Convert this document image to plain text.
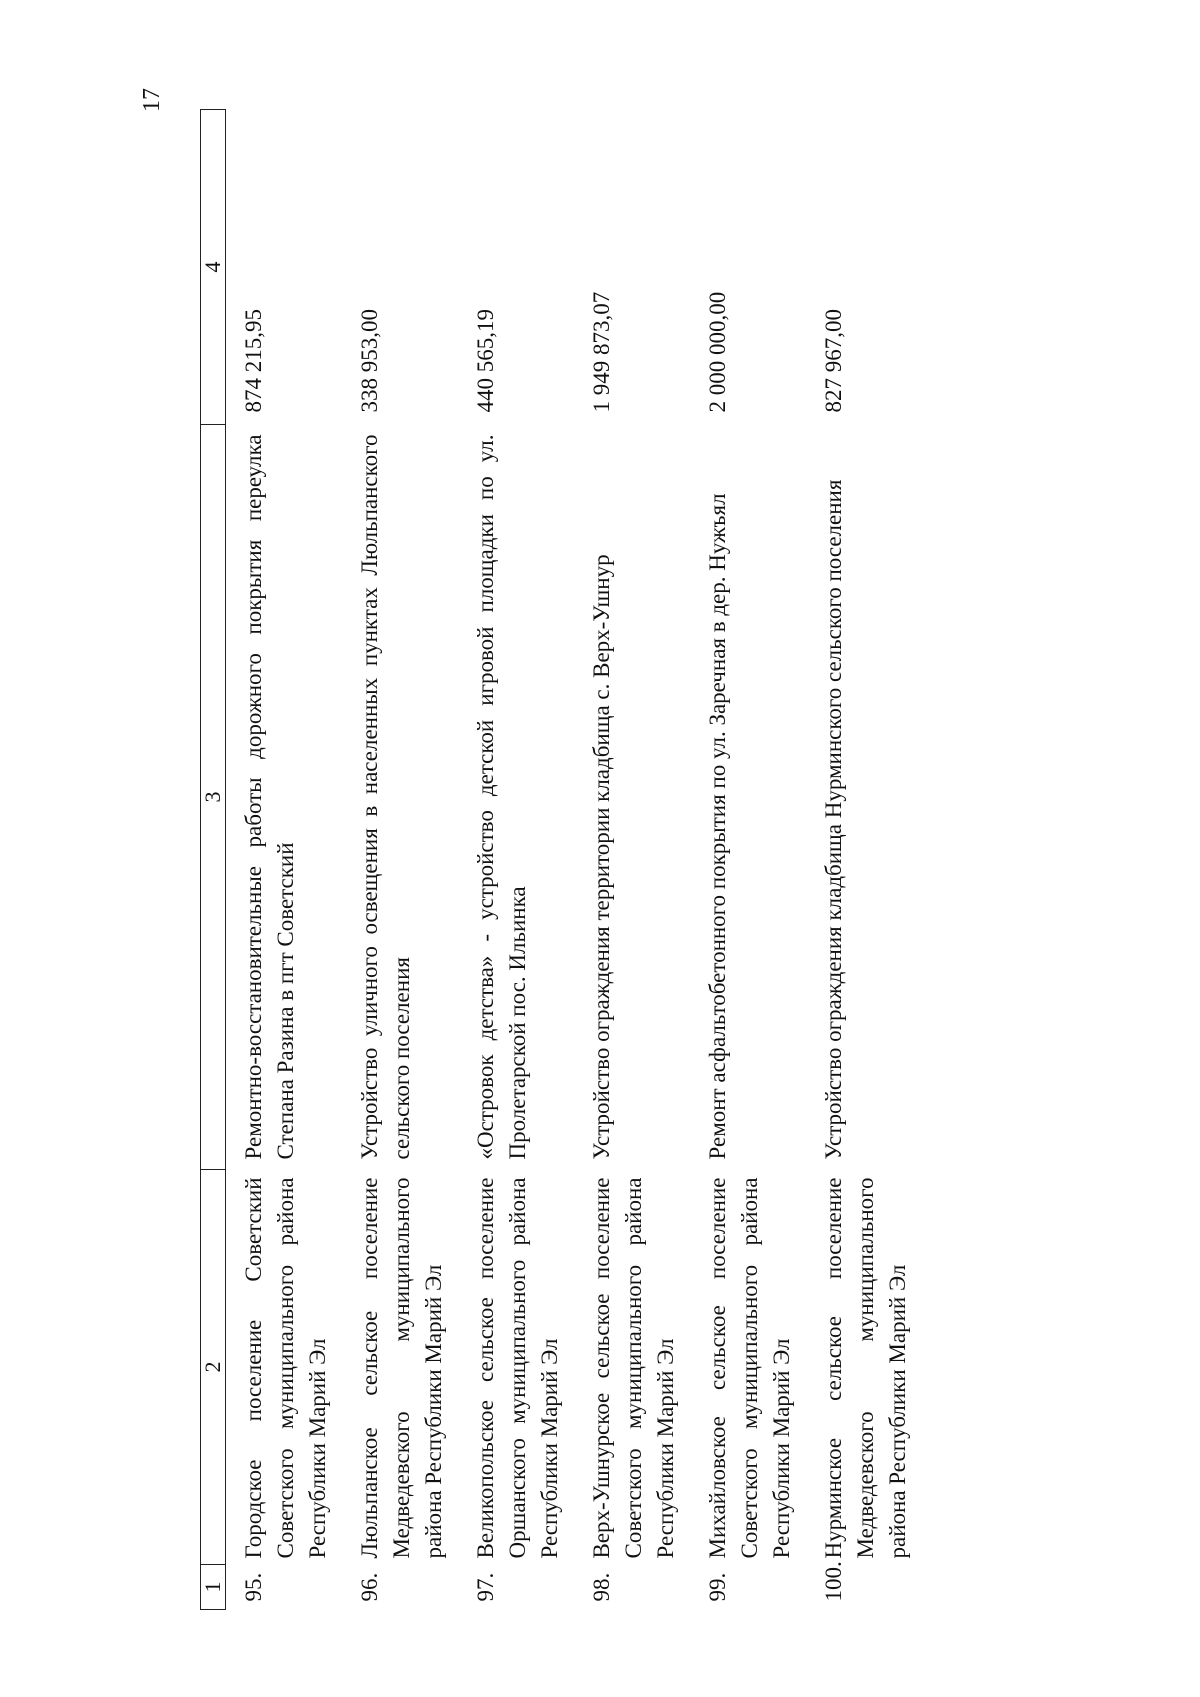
17
1	2	3	4
95.	Городское поселение Советский Советского муниципального района Республики Марий Эл	Ремонтно-восстановительные работы дорожного покрытия переулка Степана Разина в пгт Советский	874 215,95
96.	Люльпанское сельское поселение Медведевского муниципального района Республики Марий Эл	Устройство уличного освещения в населенных пунктах Люльпанского сельского поселения	338 953,00
97.	Великопольское сельское поселение Оршанского муниципального района Республики Марий Эл	«Островок детства» - устройство детской игровой площадки по ул. Пролетарской пос. Ильинка	440 565,19
98.	Верх-Ушнурское сельское поселение Советского муниципального района Республики Марий Эл	Устройство ограждения территории кладбища с. Верх-Ушнур	1 949 873,07
99.	Михайловское сельское поселение Советского муниципального района Республики Марий Эл	Ремонт асфальтобетонного покрытия по ул. Заречная в дер. Нужъял	2 000 000,00
100.	Нурминское сельское поселение Медведевского муниципального района Республики Марий Эл	Устройство ограждения кладбища Нурминского сельского поселения	827 967,00
